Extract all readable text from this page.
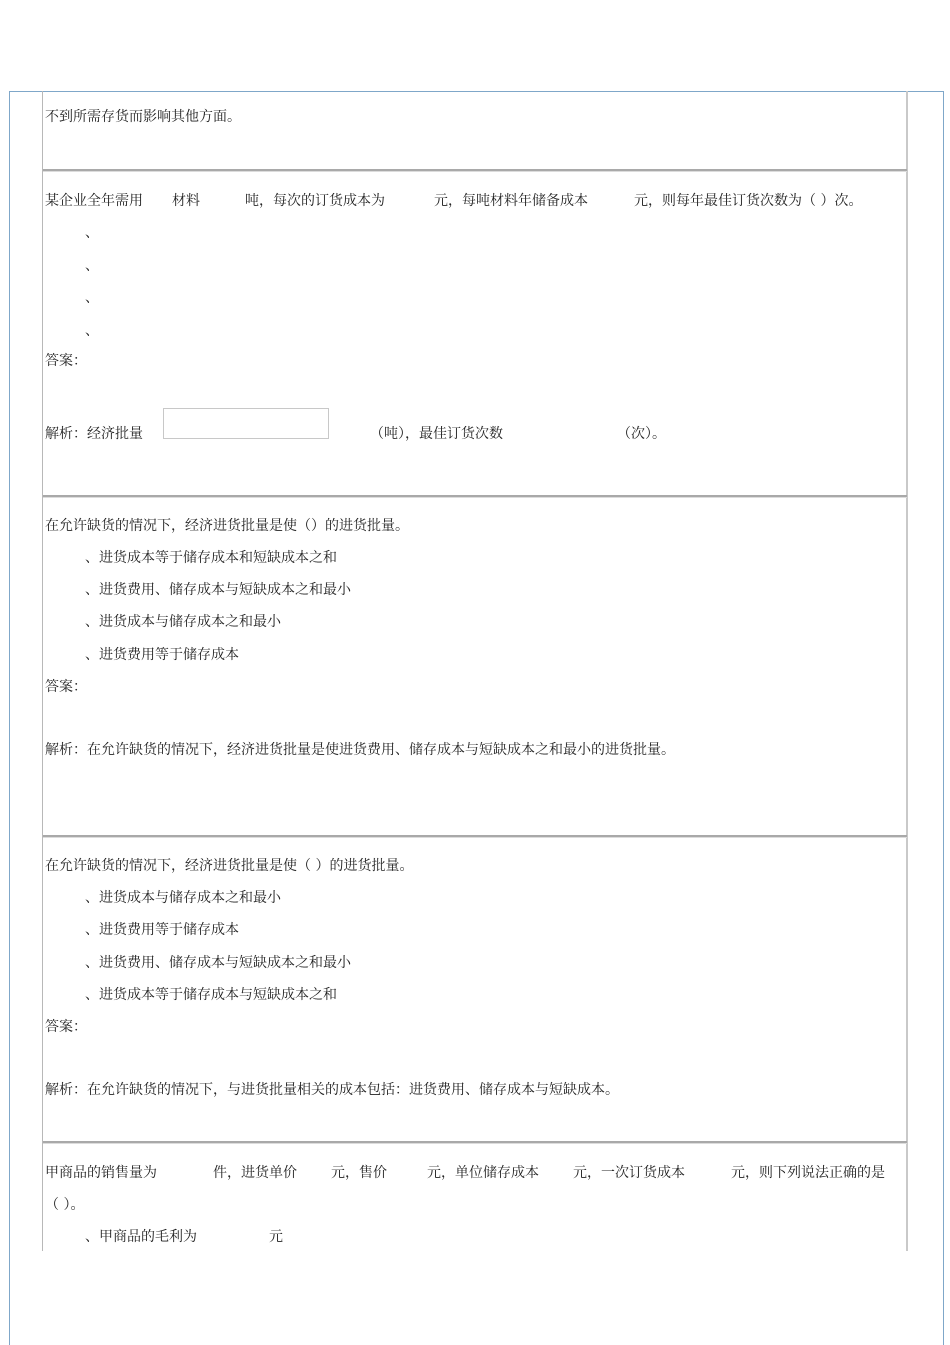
不到所需存货而影响其他方面。
某企业全年需用 材料	吨，每次的订货成本为	元，每吨材料年储备成本	元，则每年最佳订货次数为（ ）次。
、
、
、
、
答案：
解析：经济批量	（吨），最佳订货次数	（次）。
在允许缺货的情况下，经济进货批量是使（）的进货批量。
、进货成本等于储存成本和短缺成本之和
、进货费用、储存成本与短缺成本之和最小
、进货成本与储存成本之和最小
、进货费用等于储存成本
答案：
解析：在允许缺货的情况下，经济进货批量是使进货费用、储存成本与短缺成本之和最小的进货批量。
在允许缺货的情况下，经济进货批量是使（ ）的进货批量。
、进货成本与储存成本之和最小
、进货费用等于储存成本
、进货费用、储存成本与短缺成本之和最小
、进货成本等于储存成本与短缺成本之和
答案：
解析：在允许缺货的情况下，与进货批量相关的成本包括：进货费用、储存成本与短缺成本。
甲商品的销售量为	件，进货单价 元，售价	元，单位储存成本 元，一次订货成本	元，则下列说法正确的是
（ ）。
、甲商品的毛利为	元
